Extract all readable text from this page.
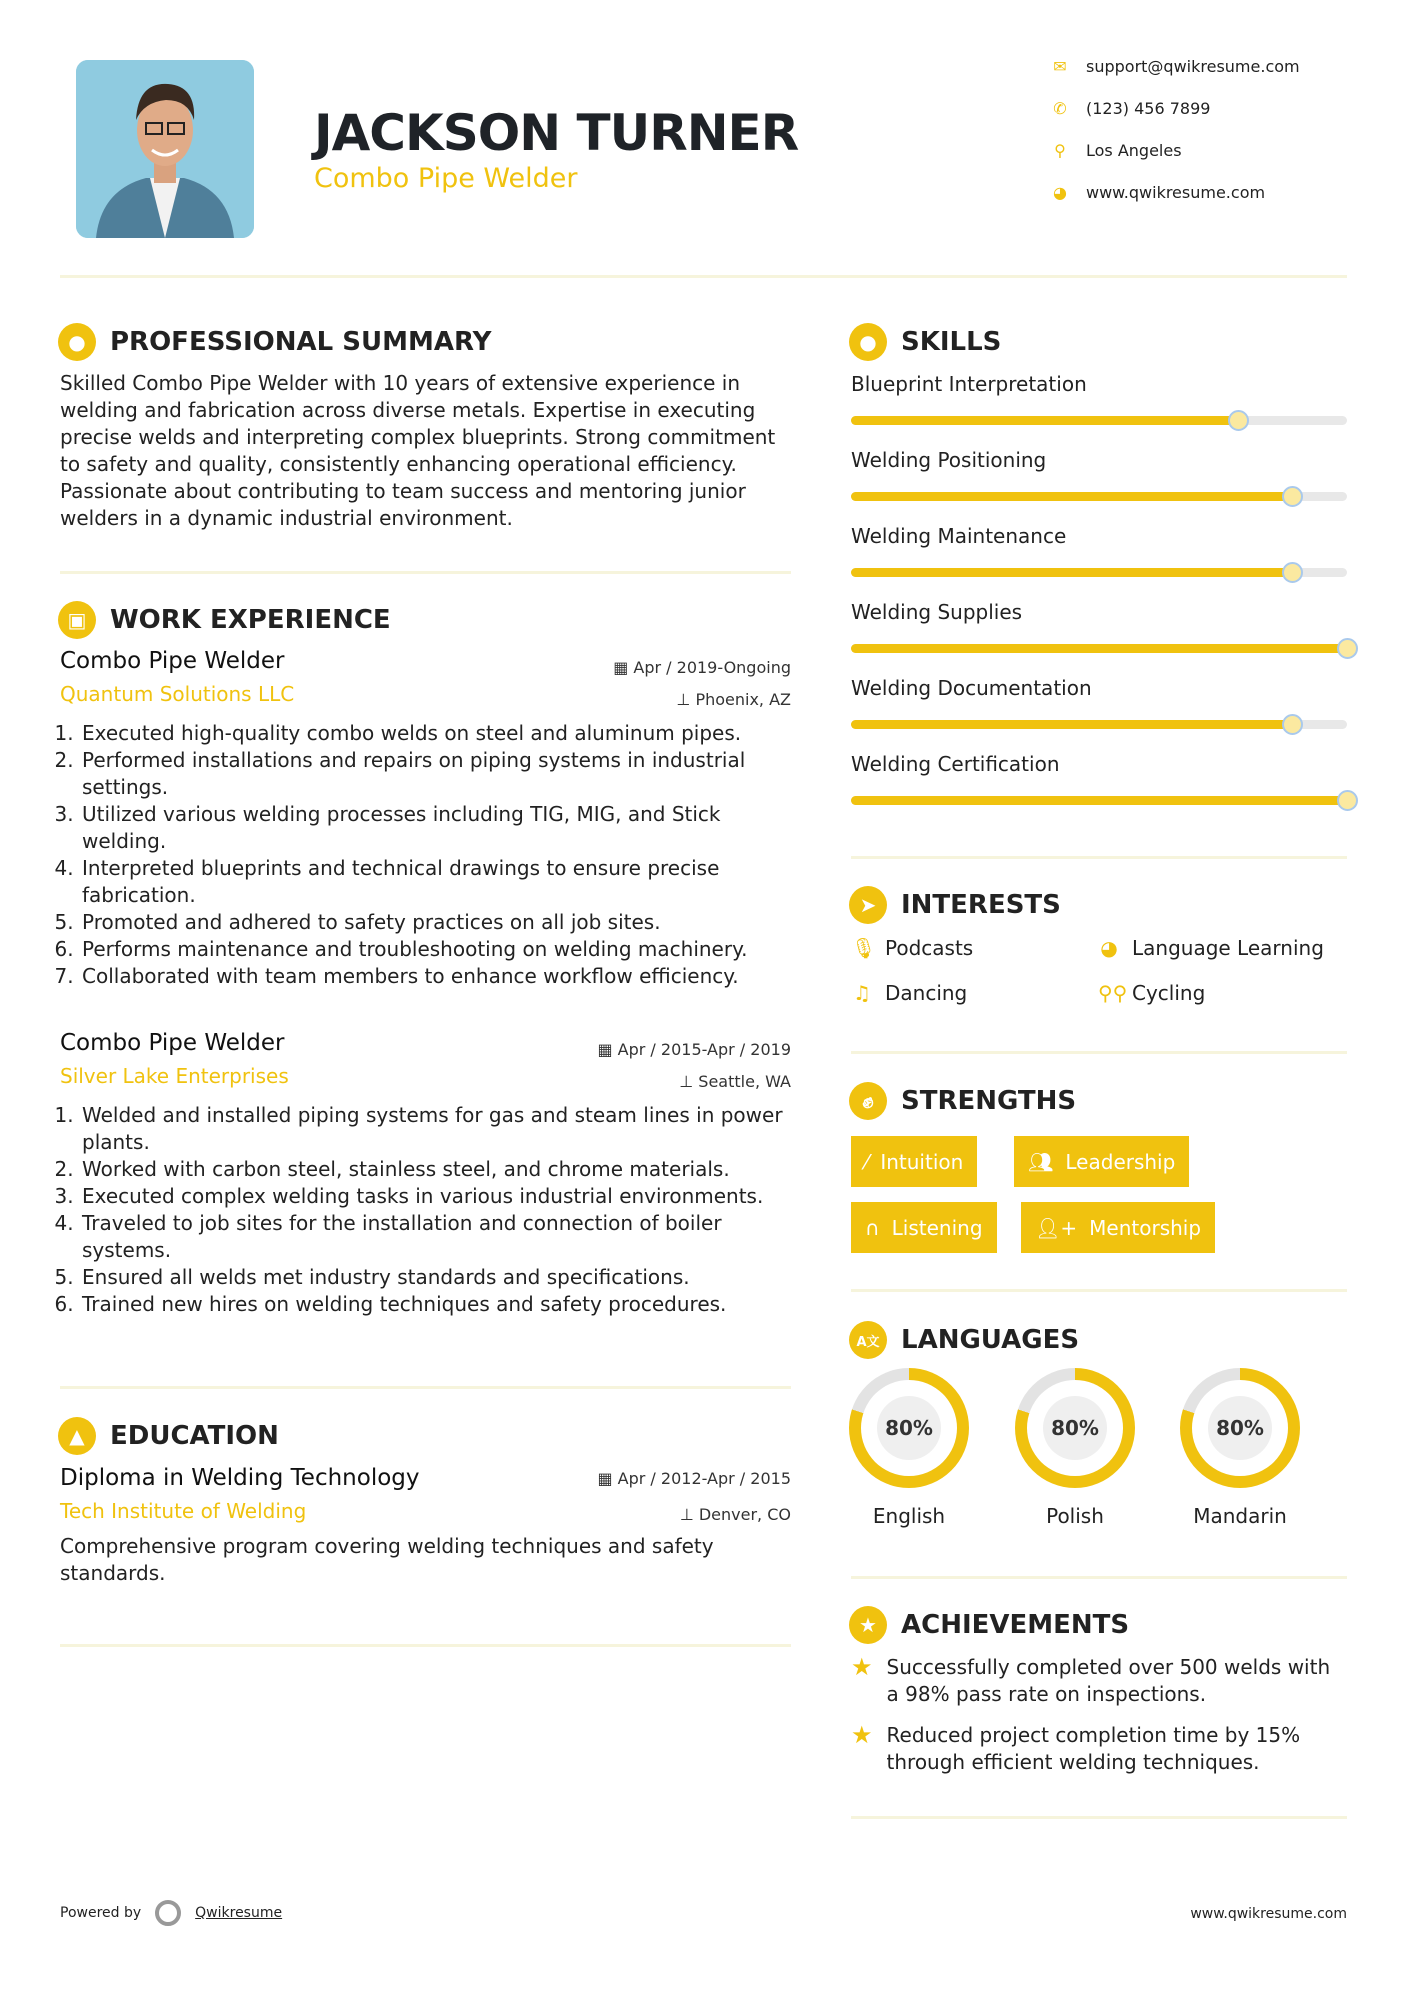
JACKSON TURNER
Combo Pipe Welder
✉ support@qwikresume.com
✆ (123) 456 7899
⚲ Los Angeles
◕ www.qwikresume.com
● PROFESSIONAL SUMMARY
Skilled Combo Pipe Welder with 10 years of extensive experience in welding and fabrication across diverse metals. Expertise in executing precise welds and interpreting complex blueprints. Strong commitment to safety and quality, consistently enhancing operational efficiency. Passionate about contributing to team success and mentoring junior welders in a dynamic industrial environment.
▣ WORK EXPERIENCE
Combo Pipe Welder
Quantum Solutions LLC
▦ Apr / 2019-Ongoing
⊥ Phoenix, AZ
1. Executed high-quality combo welds on steel and aluminum pipes.
2. Performed installations and repairs on piping systems in industrial settings.
3. Utilized various welding processes including TIG, MIG, and Stick welding.
4. Interpreted blueprints and technical drawings to ensure precise fabrication.
5. Promoted and adhered to safety practices on all job sites.
6. Performs maintenance and troubleshooting on welding machinery.
7. Collaborated with team members to enhance workflow efficiency.
Combo Pipe Welder
Silver Lake Enterprises
▦ Apr / 2015-Apr / 2019
⊥ Seattle, WA
1. Welded and installed piping systems for gas and steam lines in power plants.
2. Worked with carbon steel, stainless steel, and chrome materials.
3. Executed complex welding tasks in various industrial environments.
4. Traveled to job sites for the installation and connection of boiler systems.
5. Ensured all welds met industry standards and specifications.
6. Trained new hires on welding techniques and safety procedures.
▲ EDUCATION
Diploma in Welding Technology
Tech Institute of Welding
▦ Apr / 2012-Apr / 2015
⊥ Denver, CO
Comprehensive program covering welding techniques and safety standards.
● SKILLS
Blueprint Interpretation
Welding Positioning
Welding Maintenance
Welding Supplies
Welding Documentation
Welding Certification
➤ INTERESTS
🎙︎ Podcasts	◕ Language Learning
♫ Dancing	⚲⚲ Cycling
✊︎	STRENGTHS
⁄ Intuition	👥︎ Leadership
∩ Listening	👤︎+ Mentorship
A文 LANGUAGES
80%
English
80%
Polish
80%
Mandarin
★ ACHIEVEMENTS
★ Successfully completed over 500 welds with a 98% pass rate on inspections.
★ Reduced project completion time by 15% through efficient welding techniques.
Powered by	Qwikresume	www.qwikresume.com
